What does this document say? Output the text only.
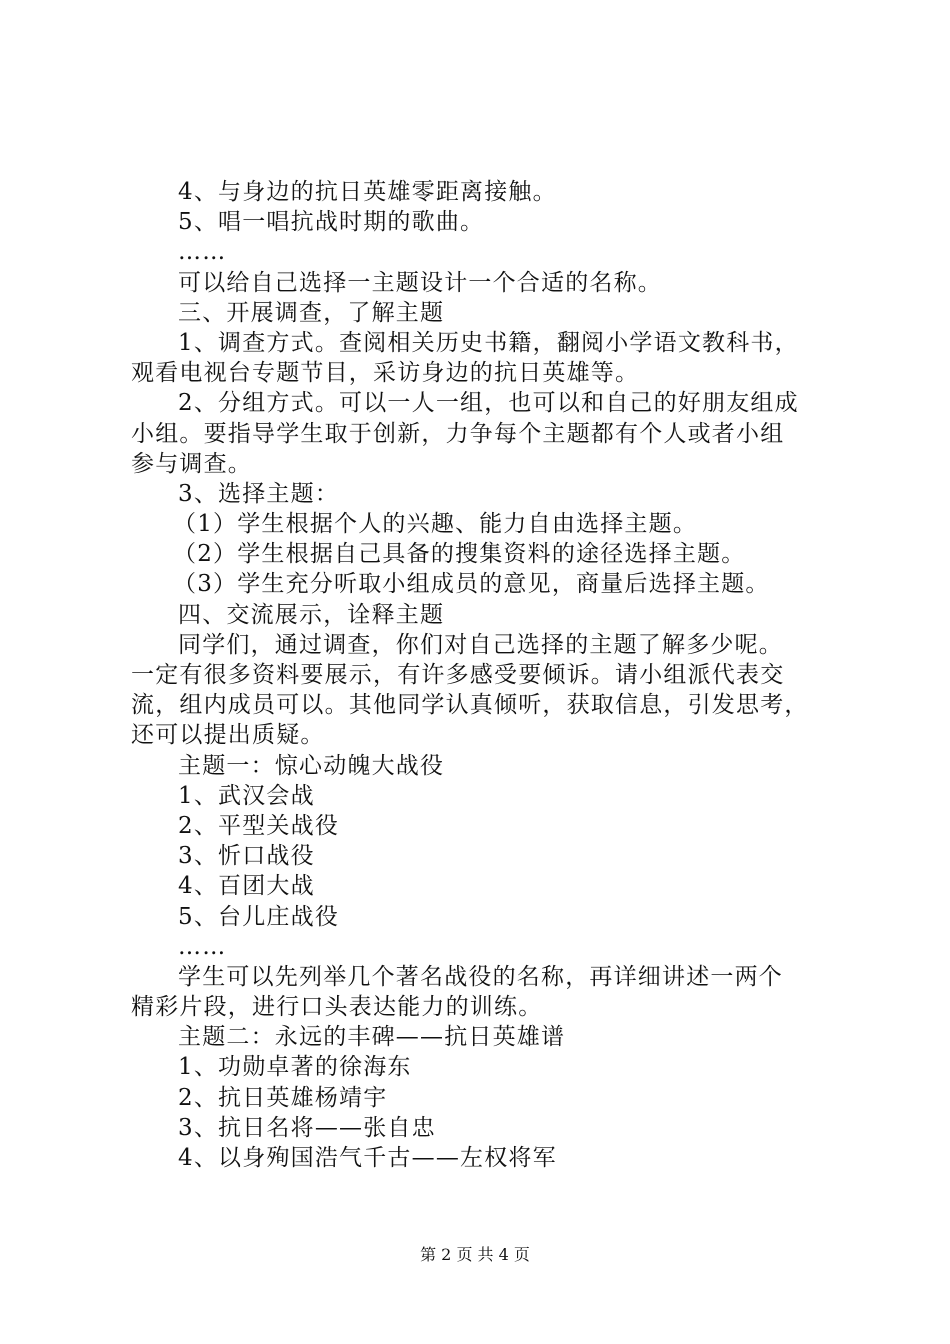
4、与身边的抗日英雄零距离接触。
5、唱一唱抗战时期的歌曲。
……
可以给自己选择一主题设计一个合适的名称。
三、开展调查，了解主题
1、调查方式。查阅相关历史书籍，翻阅小学语文教科书，
观看电视台专题节目，采访身边的抗日英雄等。
2、分组方式。可以一人一组，也可以和自己的好朋友组成
小组。要指导学生取于创新，力争每个主题都有个人或者小组
参与调查。
3、选择主题：
（1）学生根据个人的兴趣、能力自由选择主题。
（2）学生根据自己具备的搜集资料的途径选择主题。
（3）学生充分听取小组成员的意见，商量后选择主题。
四、交流展示，诠释主题
同学们，通过调查，你们对自己选择的主题了解多少呢。
一定有很多资料要展示，有许多感受要倾诉。请小组派代表交
流，组内成员可以。其他同学认真倾听，获取信息，引发思考，
还可以提出质疑。
主题一：惊心动魄大战役
1、武汉会战
2、平型关战役
3、忻口战役
4、百团大战
5、台儿庄战役
……
学生可以先列举几个著名战役的名称，再详细讲述一两个
精彩片段，进行口头表达能力的训练。
主题二：永远的丰碑——抗日英雄谱
1、功勋卓著的徐海东
2、抗日英雄杨靖宇
3、抗日名将——张自忠
4、以身殉国浩气千古——左权将军
第 2 页 共 4 页
